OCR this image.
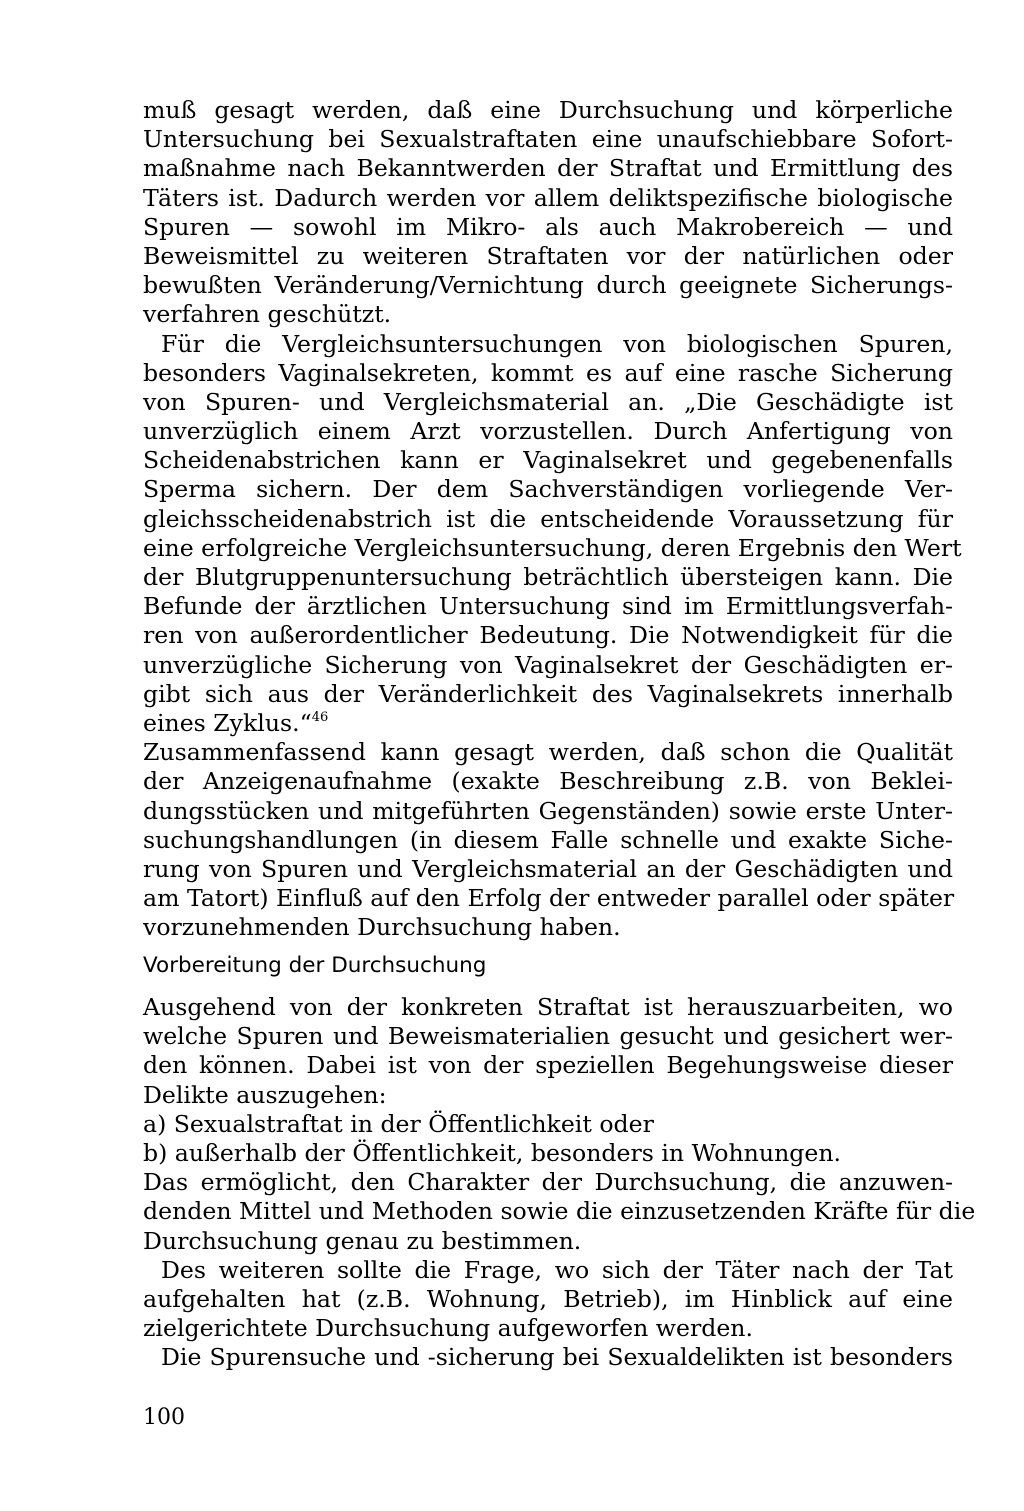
muß gesagt werden, daß eine Durchsuchung und körperliche
Untersuchung bei Sexualstraftaten eine unaufschiebbare Sofort-
maßnahme nach Bekanntwerden der Straftat und Ermittlung des
Täters ist. Dadurch werden vor allem deliktspezifische biologische
Spuren — sowohl im Mikro- als auch Makrobereich — und
Beweismittel zu weiteren Straftaten vor der natürlichen oder
bewußten Veränderung/Vernichtung durch geeignete Sicherungs-
verfahren geschützt.
Für die Vergleichsuntersuchungen von biologischen Spuren,
besonders Vaginalsekreten, kommt es auf eine rasche Sicherung
von Spuren- und Vergleichsmaterial an. „Die Geschädigte ist
unverzüglich einem Arzt vorzustellen. Durch Anfertigung von
Scheidenabstrichen kann er Vaginalsekret und gegebenenfalls
Sperma sichern. Der dem Sachverständigen vorliegende Ver-
gleichsscheidenabstrich ist die entscheidende Voraussetzung für
eine erfolgreiche Vergleichsuntersuchung, deren Ergebnis den Wert
der Blutgruppenuntersuchung beträchtlich übersteigen kann. Die
Befunde der ärztlichen Untersuchung sind im Ermittlungsverfah-
ren von außerordentlicher Bedeutung. Die Notwendigkeit für die
unverzügliche Sicherung von Vaginalsekret der Geschädigten er-
gibt sich aus der Veränderlichkeit des Vaginalsekrets innerhalb
eines Zyklus.“$^{46}$
Zusammenfassend kann gesagt werden, daß schon die Qualität
der Anzeigenaufnahme (exakte Beschreibung z.B. von Beklei-
dungsstücken und mitgeführten Gegenständen) sowie erste Unter-
suchungshandlungen (in diesem Falle schnelle und exakte Siche-
rung von Spuren und Vergleichsmaterial an der Geschädigten und
am Tatort) Einfluß auf den Erfolg der entweder parallel oder später
vorzunehmenden Durchsuchung haben.
Vorbereitung der Durchsuchung
Ausgehend von der konkreten Straftat ist herauszuarbeiten, wo
welche Spuren und Beweismaterialien gesucht und gesichert wer-
den können. Dabei ist von der speziellen Begehungsweise dieser
Delikte auszugehen:
a) Sexualstraftat in der Öffentlichkeit oder
b) außerhalb der Öffentlichkeit, besonders in Wohnungen.
Das ermöglicht, den Charakter der Durchsuchung, die anzuwen-
denden Mittel und Methoden sowie die einzusetzenden Kräfte für die
Durchsuchung genau zu bestimmen.
Des weiteren sollte die Frage, wo sich der Täter nach der Tat
aufgehalten hat (z.B. Wohnung, Betrieb), im Hinblick auf eine
zielgerichtete Durchsuchung aufgeworfen werden.
Die Spurensuche und -sicherung bei Sexualdelikten ist besonders
100
